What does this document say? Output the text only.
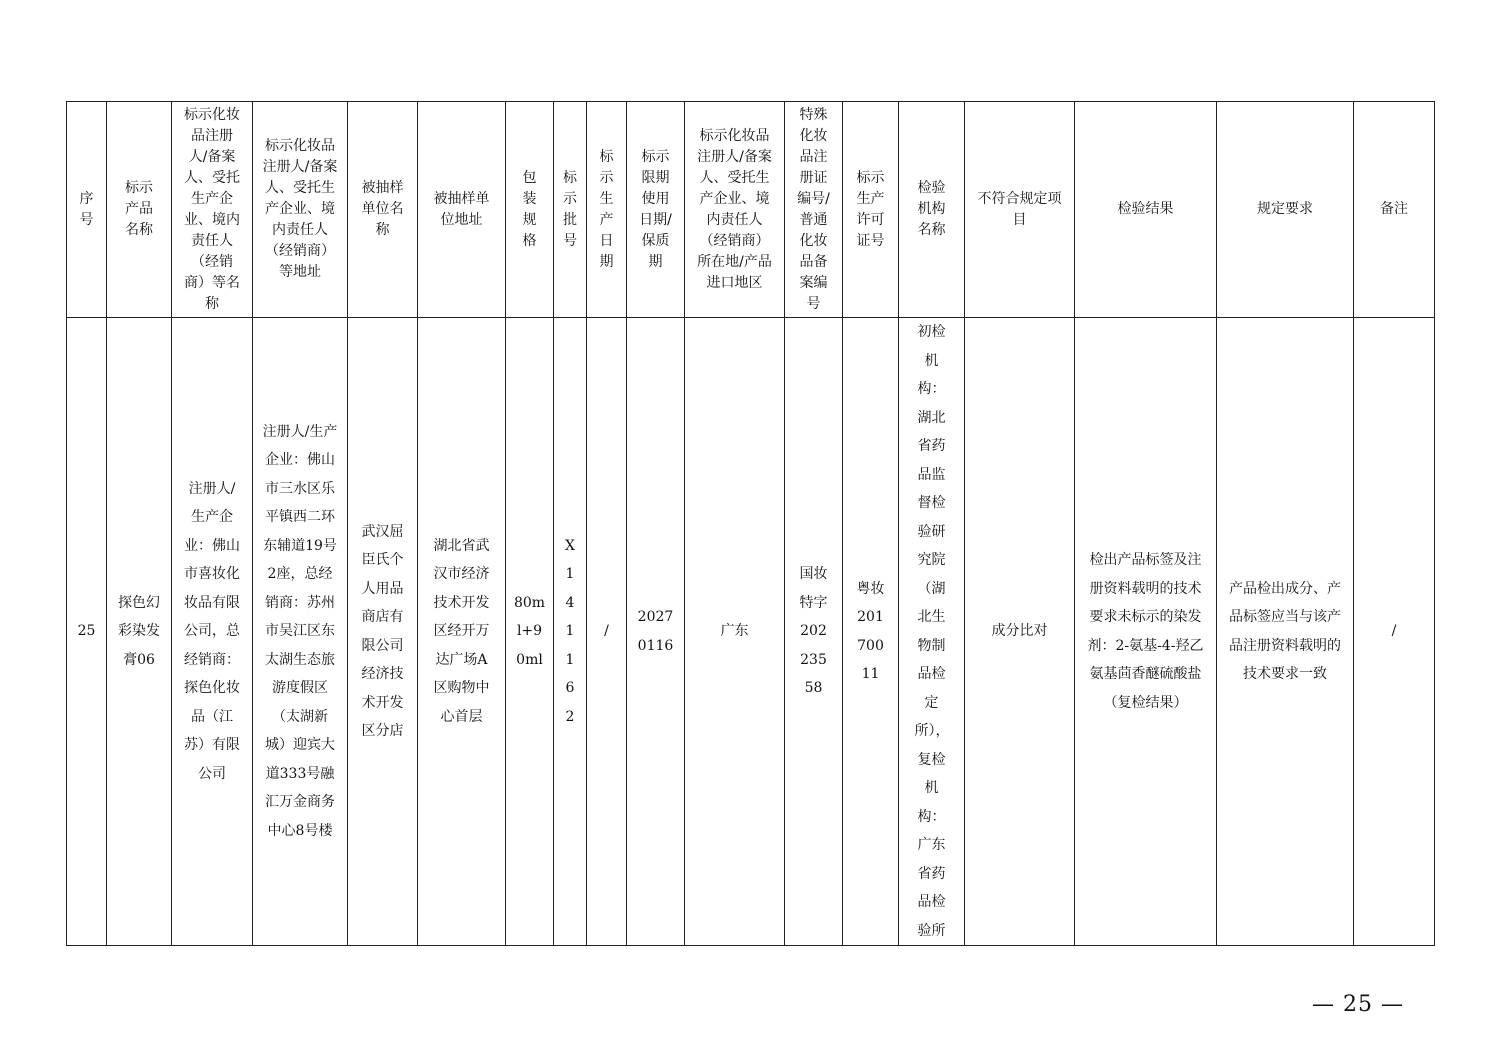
序号	标示产品名称	标示化妆品注册人/备案人、受托生产企业、境内责任人（经销商）等名称	标示化妆品注册人/备案人、受托生产企业、境内责任人（经销商）等地址	被抽样单位名称	被抽样单位地址	包装规格	标示批号	标示生产日期	标示限期使用日期/保质期	标示化妆品注册人/备案人、受托生产企业、境内责任人（经销商）所在地/产品进口地区	特殊化妆品注册证编号/普通化妆品备案编号	标示生产许可证号	检验机构名称	不符合规定项目	检验结果	规定要求	备注
25	探色幻彩染发膏06	注册人/生产企业：佛山市喜妆化妆品有限公司，总经销商：探色化妆品（江苏）有限公司	注册人/生产企业：佛山市三水区乐平镇西二环东辅道19号2座，总经销商：苏州市吴江区东太湖生态旅游度假区（太湖新城）迎宾大道333号融汇万金商务中心8号楼	武汉屈臣氏个人用品商店有限公司经济技术开发区分店	湖北省武汉市经济技术开发区经开万达广场A区购物中心首层	80ml+90ml	X141162	/	20270116	广东	国妆特字20223558	粤妆20170011	初检机构：湖北省药品监督检验研究院（湖北生物制品检定所），复检机构：广东省药品检验所	成分比对	检出产品标签及注册资料载明的技术要求未标示的染发剂：2-氨基-4-羟乙氨基茴香醚硫酸盐（复检结果）	产品检出成分、产品标签应当与该产品注册资料载明的技术要求一致	/
— 25 —
